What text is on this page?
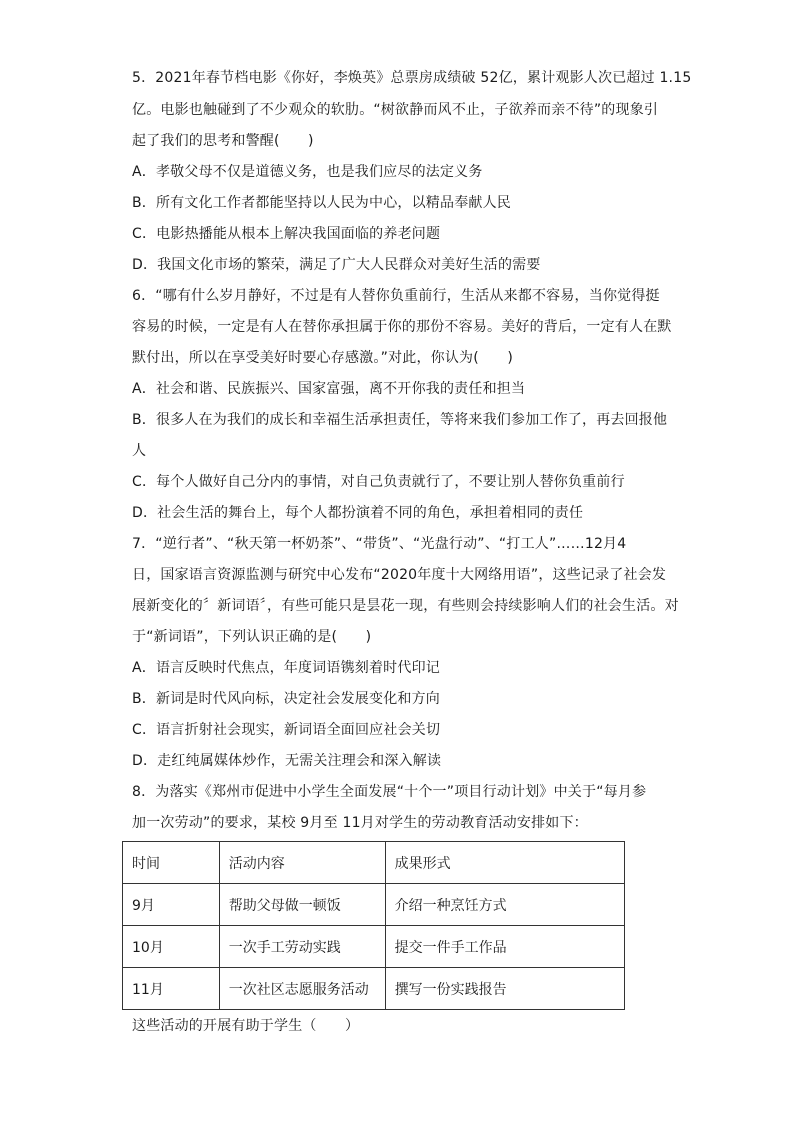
5．2021年春节档电影《你好，李焕英》总票房成绩破 52亿，累计观影人次已超过 1.15
亿。电影也触碰到了不少观众的软肋。“树欲静而风不止，子欲养而亲不待”的现象引
起了我们的思考和警醒(　　)
A．孝敬父母不仅是道德义务，也是我们应尽的法定义务
B．所有文化工作者都能坚持以人民为中心，以精品奉献人民
C．电影热播能从根本上解决我国面临的养老问题
D．我国文化市场的繁荣，满足了广大人民群众对美好生活的需要
6．“哪有什么岁月静好，不过是有人替你负重前行，生活从来都不容易，当你觉得挺
容易的时候，一定是有人在替你承担属于你的那份不容易。美好的背后，一定有人在默
默付出，所以在享受美好时要心存感激。”对此，你认为(　　)
A．社会和谐、民族振兴、国家富强，离不开你我的责任和担当
B．很多人在为我们的成长和幸福生活承担责任，等将来我们参加工作了，再去回报他
人
C．每个人做好自己分内的事情，对自己负责就行了，不要让别人替你负重前行
D．社会生活的舞台上，每个人都扮演着不同的角色，承担着相同的责任
7．“逆行者”、“秋天第一杯奶茶”、“带货”、“光盘行动”、“打工人”……12月4
日，国家语言资源监测与研究中心发布“2020年度十大网络用语”，这些记录了社会发
展新变化的〞新词语〞，有些可能只是昙花一现，有些则会持续影响人们的社会生活。对
于“新词语”，下列认识正确的是(　　)
A．语言反映时代焦点，年度词语镌刻着时代印记
B．新词是时代风向标，决定社会发展变化和方向
C．语言折射社会现实，新词语全面回应社会关切
D．走红纯属媒体炒作，无需关注理会和深入解读
8．为落实《郑州市促进中小学生全面发展“十个一”项目行动计划》中关于“每月参
加一次劳动”的要求，某校 9月至 11月对学生的劳动教育活动安排如下：
时间	活动内容	成果形式
9月	帮助父母做一顿饭	介绍一种烹饪方式
10月	一次手工劳动实践	提交一件手工作品
11月	一次社区志愿服务活动	撰写一份实践报告
这些活动的开展有助于学生（　　）
